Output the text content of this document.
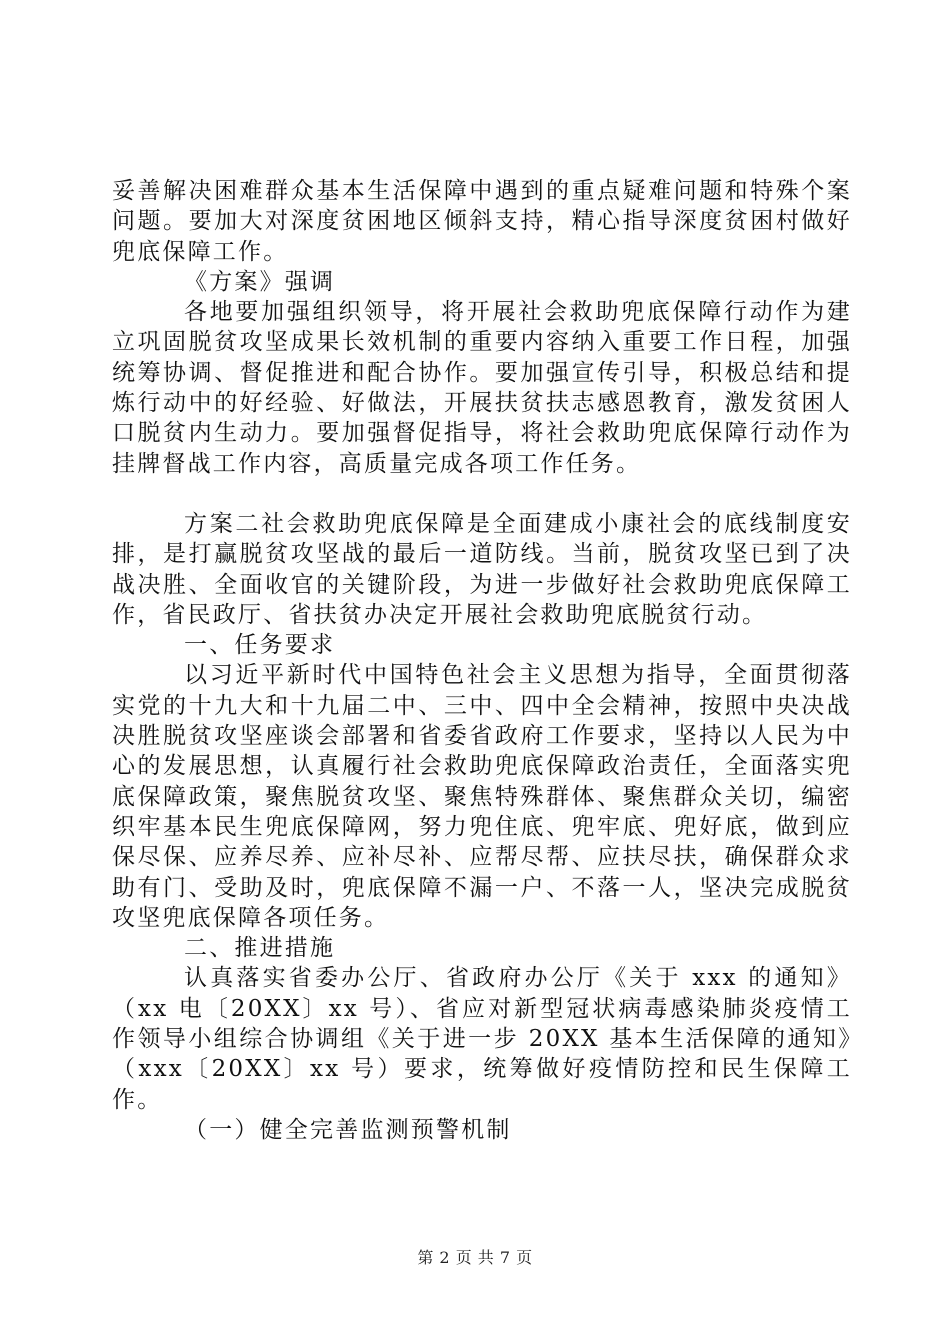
妥善解决困难群众基本生活保障中遇到的重点疑难问题和特殊个案问题。要加大对深度贫困地区倾斜支持，精心指导深度贫困村做好兜底保障工作。

《方案》强调

各地要加强组织领导，将开展社会救助兜底保障行动作为建立巩固脱贫攻坚成果长效机制的重要内容纳入重要工作日程，加强统筹协调、督促推进和配合协作。要加强宣传引导，积极总结和提炼行动中的好经验、好做法，开展扶贫扶志感恩教育，激发贫困人口脱贫内生动力。要加强督促指导，将社会救助兜底保障行动作为挂牌督战工作内容，高质量完成各项工作任务。

方案二社会救助兜底保障是全面建成小康社会的底线制度安排，是打赢脱贫攻坚战的最后一道防线。当前，脱贫攻坚已到了决战决胜、全面收官的关键阶段，为进一步做好社会救助兜底保障工作，省民政厅、省扶贫办决定开展社会救助兜底脱贫行动。

一、任务要求

以习近平新时代中国特色社会主义思想为指导，全面贯彻落实党的十九大和十九届二中、三中、四中全会精神，按照中央决战决胜脱贫攻坚座谈会部署和省委省政府工作要求，坚持以人民为中心的发展思想，认真履行社会救助兜底保障政治责任，全面落实兜底保障政策，聚焦脱贫攻坚、聚焦特殊群体、聚焦群众关切，编密织牢基本民生兜底保障网，努力兜住底、兜牢底、兜好底，做到应保尽保、应养尽养、应补尽补、应帮尽帮、应扶尽扶，确保群众求助有门、受助及时，兜底保障不漏一户、不落一人，坚决完成脱贫攻坚兜底保障各项任务。

二、推进措施

认真落实省委办公厅、省政府办公厅《关于 xxx 的通知》（xx 电〔20XX〕xx 号）、省应对新型冠状病毒感染肺炎疫情工作领导小组综合协调组《关于进一步 20XX 基本生活保障的通知》（xxx〔20XX〕xx 号）要求，统筹做好疫情防控和民生保障工作。

（一）健全完善监测预警机制

第 2 页 共 7 页
